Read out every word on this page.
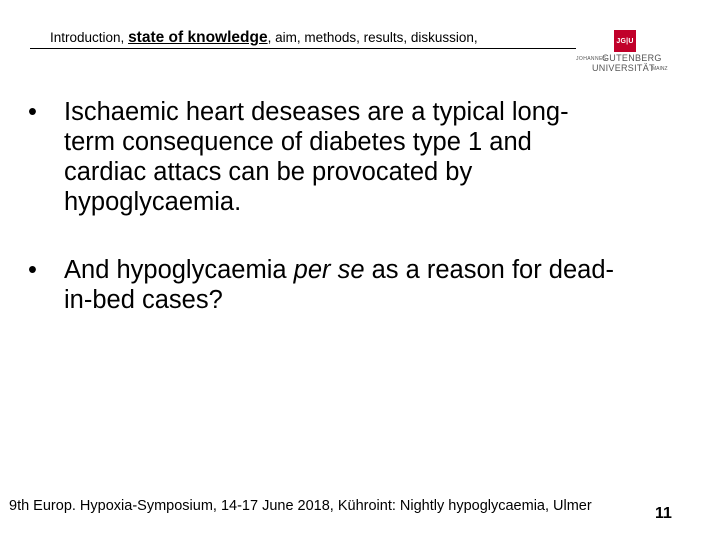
Introduction, state of knowledge, aim, methods, results, diskussion,	JG|U
JOHANNES
GUTENBERG
UNIVERSITÄT
MAINZ
• Ischaemic heart deseases are a typical long-term consequence of diabetes type 1 and cardiac attacs can be provocated by hypoglycaemia.
• And hypoglycaemia per se as a reason for dead-in-bed cases?
9th Europ. Hypoxia-Symposium, 14-17 June 2018, Kühroint: Nightly hypoglycaemia, Ulmer	11
